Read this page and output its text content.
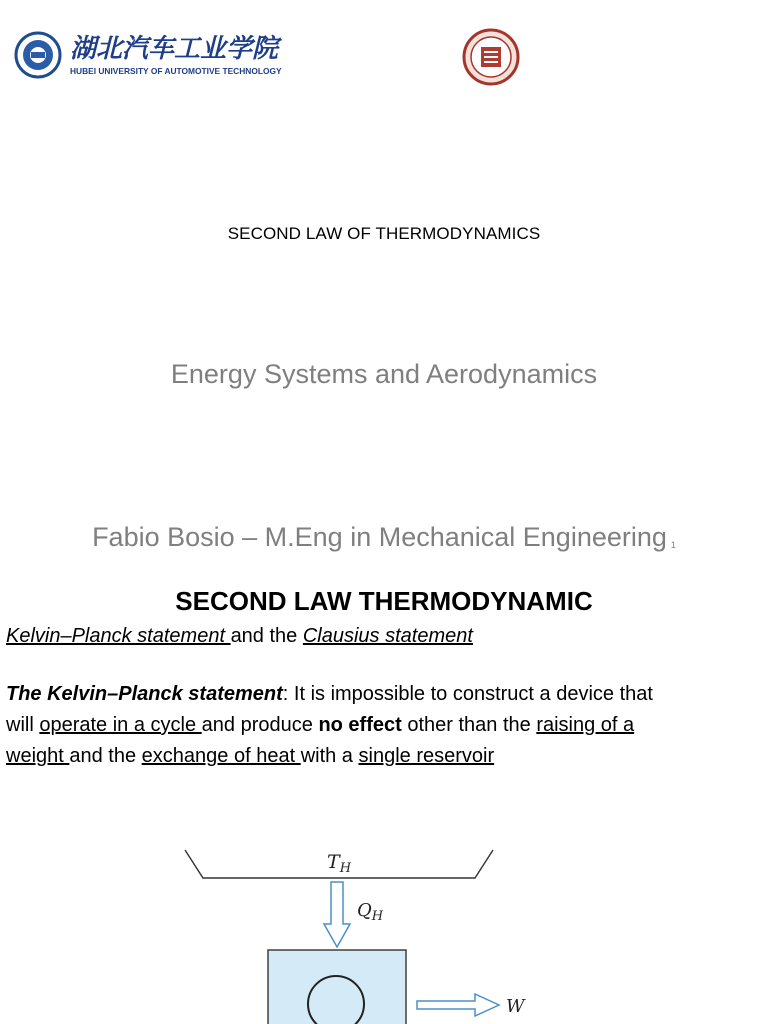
湖北汽车工业学院
HUBEI UNIVERSITY OF AUTOMOTIVE TECHNOLOGY
SECOND LAW OF THERMODYNAMICS
Energy Systems and Aerodynamics
Fabio Bosio – M.Eng in Mechanical Engineering $_1$
SECOND LAW THERMODYNAMIC
Kelvin–Planck statement and the Clausius statement
The Kelvin–Planck statement: It is impossible to construct a device that
will operate in a cycle and produce no effect other than the raising of a
weight and the exchange of heat with a single reservoir
$T_H$
$Q_H$
W
